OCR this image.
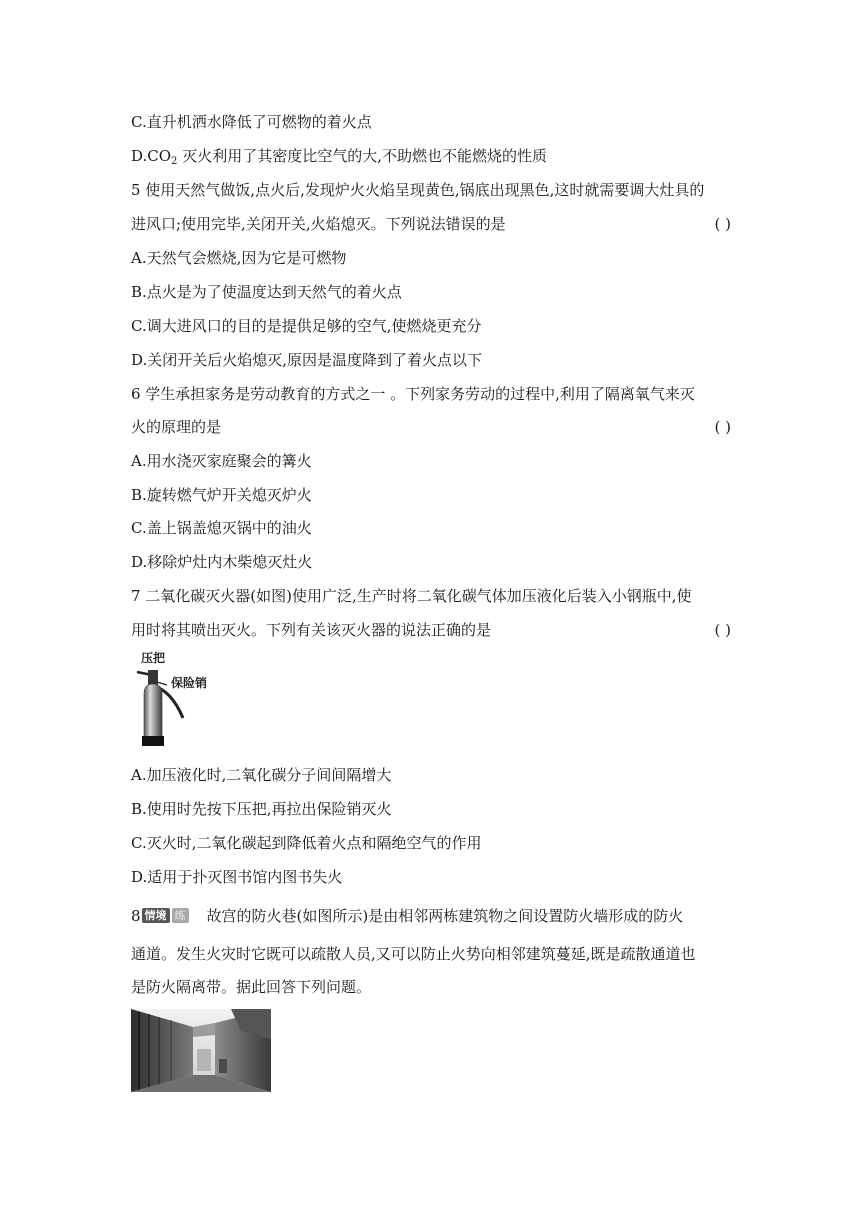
C.直升机洒水降低了可燃物的着火点
$D.CO_2$ 灭火利用了其密度比空气的大,不助燃也不能燃烧的性质
5 使用天然气做饭,点火后,发现炉火火焰呈现黄色,锅底出现黑色,这时就需要调大灶具的
进风口;使用完毕,关闭开关,火焰熄灭。下列说法错误的是	( )
A.天然气会燃烧,因为它是可燃物
B.点火是为了使温度达到天然气的着火点
C.调大进风口的目的是提供足够的空气,使燃烧更充分
D.关闭开关后火焰熄灭,原因是温度降到了着火点以下
6 学生承担家务是劳动教育的方式之一 。下列家务劳动的过程中,利用了隔离氧气来灭
火的原理的是	( )
A.用水浇灭家庭聚会的篝火
B.旋转燃气炉开关熄灭炉火
C.盖上锅盖熄灭锅中的油火
D.移除炉灶内木柴熄灭灶火
7 二氧化碳灭火器(如图)使用广泛,生产时将二氧化碳气体加压液化后装入小钢瓶中,使
用时将其喷出灭火。下列有关该灭火器的说法正确的是	( )
压把
保险销
A.加压液化时,二氧化碳分子间间隔增大
B.使用时先按下压把,再拉出保险销灭火
C.灭火时,二氧化碳起到降低着火点和隔绝空气的作用
D.适用于扑灭图书馆内图书失火
8 情境 练 故宫的防火巷(如图所示)是由相邻两栋建筑物之间设置防火墙形成的防火
通道。发生火灾时它既可以疏散人员,又可以防止火势向相邻建筑蔓延,既是疏散通道也
是防火隔离带。据此回答下列问题。
